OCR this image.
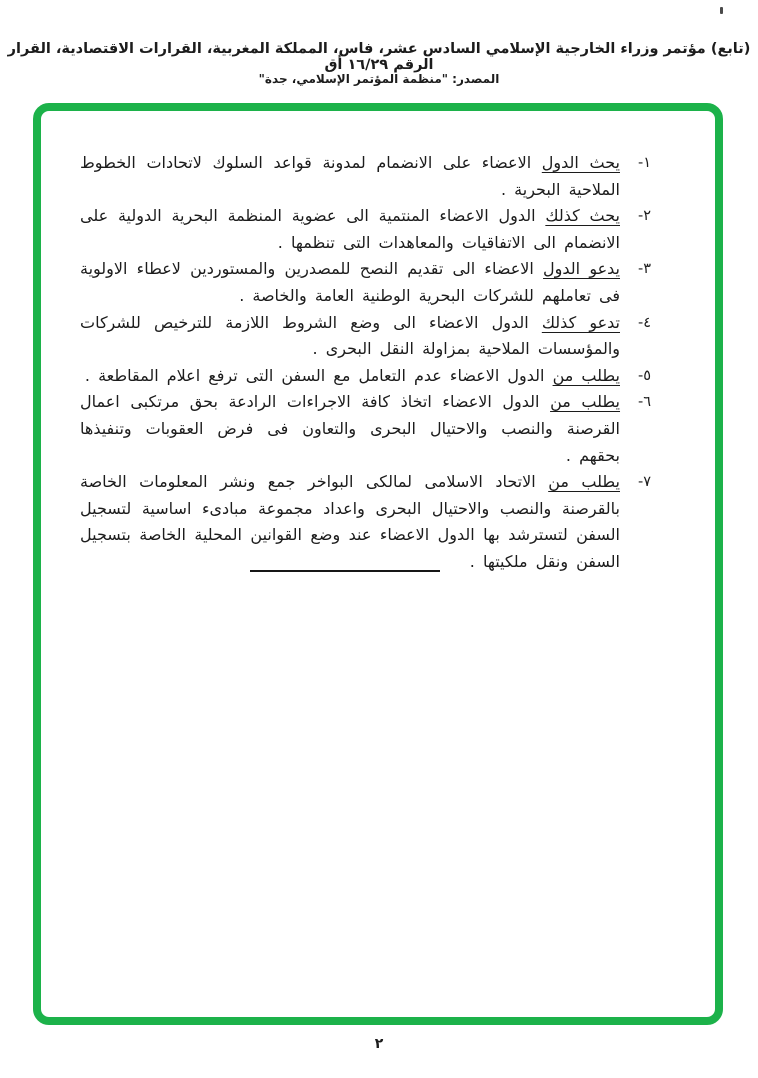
(تابع) مؤتمر وزراء الخارجية الإسلامي السادس عشر، فاس، المملكة المغربية، القرارات الاقتصادية، القرار الرقم ١٦/٢٩ أق
المصدر: "منظمة المؤتمر الإسلامي، جدة"
١-
يحث الدول الاعضاء على الانضمام لمدونة قواعد السلوك لاتحادات الخطوط الملاحية البحرية .
٢-
يحث كذلك الدول الاعضاء المنتمية الى عضوية المنظمة البحرية الدولية على الانضمام الى الاتفاقيات والمعاهدات التى تنظمها .
٣-
يدعو الدول الاعضاء الى تقديم النصح للمصدرين والمستوردين لاعطاء الاولوية فى تعاملهم للشركات البحرية الوطنية العامة والخاصة .
٤-
تدعو كذلك الدول الاعضاء الى وضع الشروط اللازمة للترخيص للشركات والمؤسسات الملاحية بمزاولة النقل البحرى .
٥-
يطلب من الدول الاعضاء عدم التعامل مع السفن التى ترفع اعلام المقاطعة .
٦-
يطلب من الدول الاعضاء اتخاذ كافة الاجراءات الرادعة بحق مرتكبى اعمال القرصنة والنصب والاحتيال البحرى والتعاون فى فرض العقوبات وتنفيذها بحقهم .
٧-
يطلب من الاتحاد الاسلامى لمالكى البواخر جمع ونشر المعلومات الخاصة بالقرصنة والنصب والاحتيال البحرى واعداد مجموعة مبادىء اساسية لتسجيل السفن لتسترشد بها الدول الاعضاء عند وضع القوانين المحلية الخاصة بتسجيل السفن ونقل ملكيتها .
٢
